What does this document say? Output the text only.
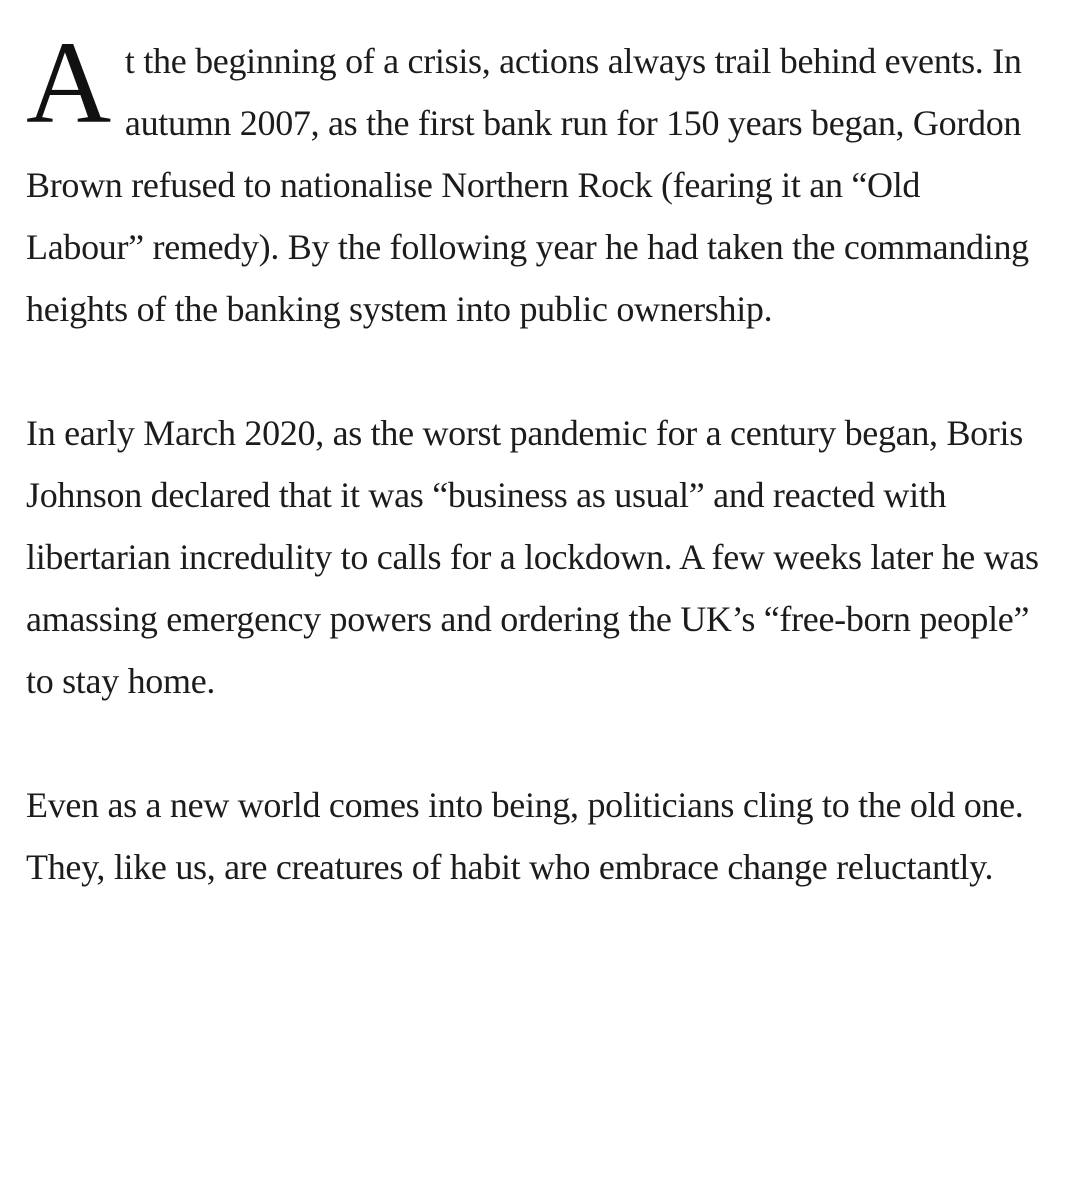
At the beginning of a crisis, actions always trail behind events. In autumn 2007, as the first bank run for 150 years began, Gordon Brown refused to nationalise Northern Rock (fearing it an “Old Labour” remedy). By the following year he had taken the commanding heights of the banking system into public ownership.

In early March 2020, as the worst pandemic for a century began, Boris Johnson declared that it was “business as usual” and reacted with libertarian incredulity to calls for a lockdown. A few weeks later he was amassing emergency powers and ordering the UK’s “free-born people” to stay home.

Even as a new world comes into being, politicians cling to the old one. They, like us, are creatures of habit who embrace change reluctantly.
